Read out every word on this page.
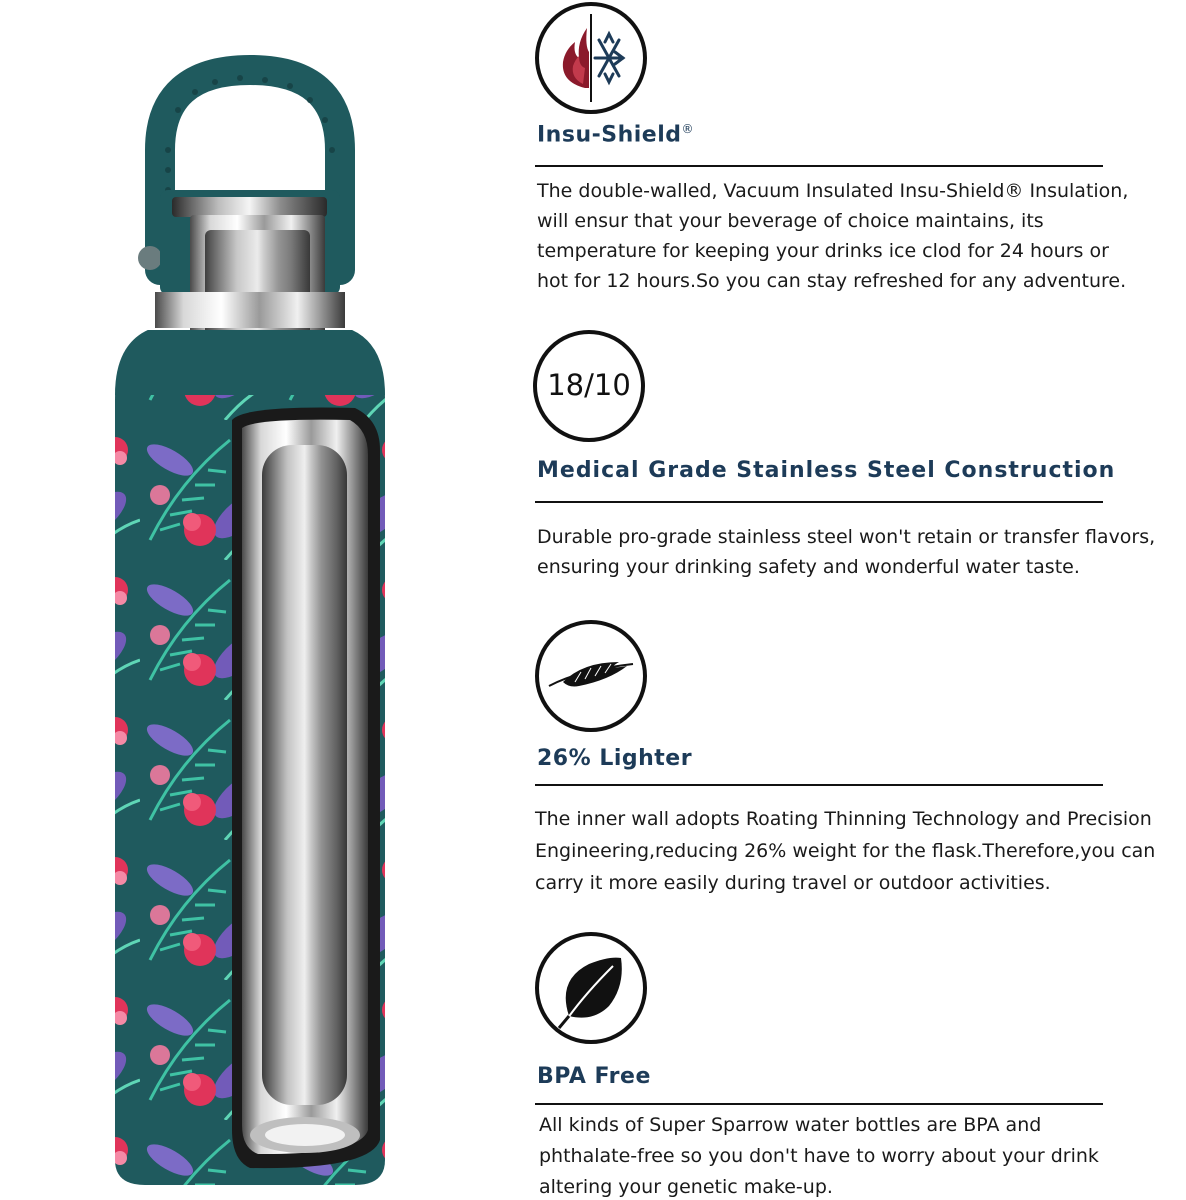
Insu-Shield®
The double-walled, Vacuum Insulated Insu-Shield® Insulation,
will ensur that your beverage of choice maintains, its
temperature for keeping your drinks ice clod for 24 hours or
hot for 12 hours.So you can stay refreshed for any adventure.
18/10
Medical Grade Stainless Steel Construction
Durable pro-grade stainless steel won't retain or transfer flavors,
ensuring your drinking safety and wonderful water taste.
26% Lighter
The inner wall adopts Roating Thinning Technology and Precision
Engineering,reducing 26% weight for the flask.Therefore,you can
carry it more easily during travel or outdoor activities.
BPA Free
All kinds of Super Sparrow water bottles are BPA and
phthalate-free so you don't have to worry about your drink
altering your genetic make-up.
